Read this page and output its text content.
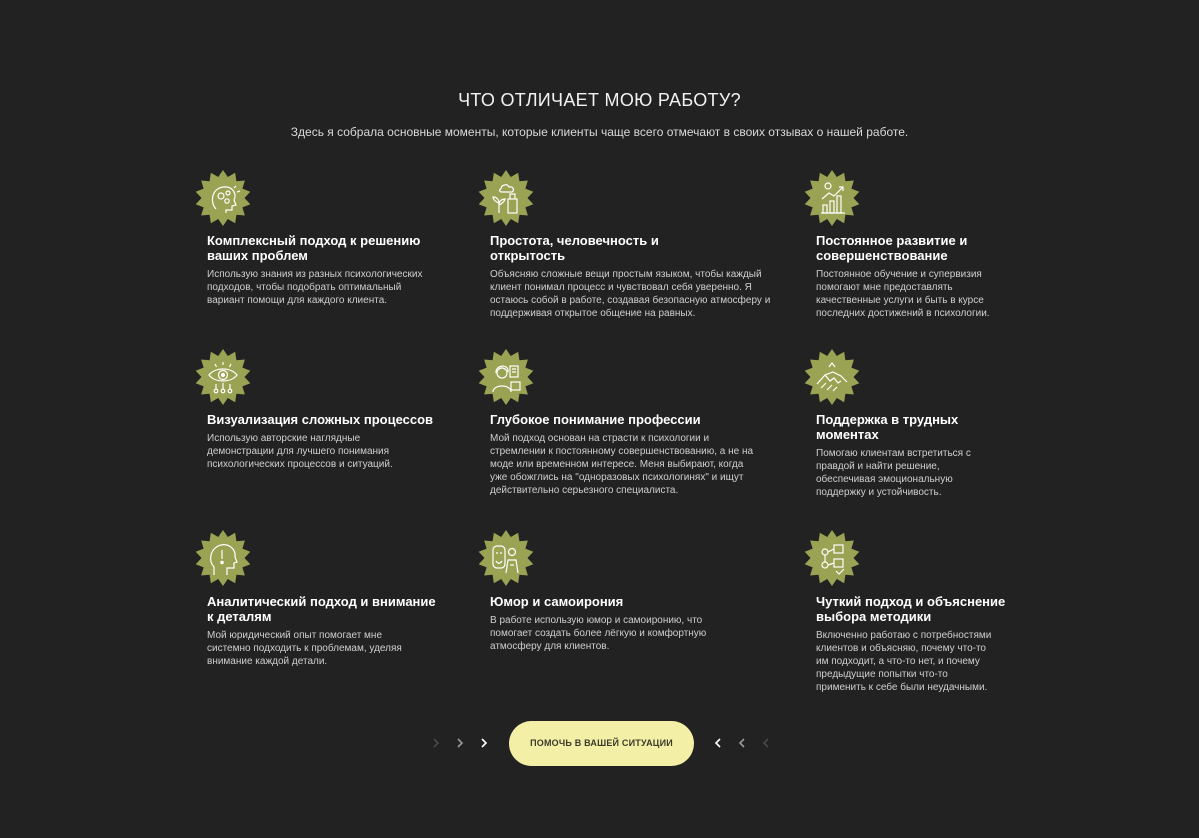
ЧТО ОТЛИЧАЕТ МОЮ РАБОТУ?

Здесь я собрала основные моменты, которые клиенты чаще всего отмечают в своих отзывах о нашей работе.

Комплексный подход к решению ваших проблем

Использую знания из разных психологических подходов, чтобы подобрать оптимальный вариант помощи для каждого клиента.

Простота, человечность и открытость

Объясняю сложные вещи простым языком, чтобы каждый клиент понимал процесс и чувствовал себя уверенно. Я остаюсь собой в работе, создавая безопасную атмосферу и поддерживая открытое общение на равных.

Постоянное развитие и совершенствование

Постоянное обучение и супервизия помогают мне предоставлять качественные услуги и быть в курсе последних достижений в психологии.

Визуализация сложных процессов

Использую авторские наглядные демонстрации для лучшего понимания психологических процессов и ситуаций.

Глубокое понимание профессии

Мой подход основан на страсти к психологии и стремлении к постоянному совершенствованию, а не на моде или временном интересе. Меня выбирают, когда уже обожглись на "одноразовых психологинях" и ищут действительно серьезного специалиста.

Поддержка в трудных моментах

Помогаю клиентам встретиться с правдой и найти решение, обеспечивая эмоциональную поддержку и устойчивость.

Аналитический подход и внимание к деталям

Мой юридический опыт помогает мне системно подходить к проблемам, уделяя внимание каждой детали.

Юмор и самоирония

В работе использую юмор и самоиронию, что помогает создать более лёгкую и комфортную атмосферу для клиентов.

Чуткий подход и объяснение выбора методики

Включенно работаю с потребностями клиентов и объясняю, почему что-то им подходит, а что-то нет, и почему предыдущие попытки что-то применить к себе были неудачными.

ПОМОЧЬ В ВАШЕЙ СИТУАЦИИ
